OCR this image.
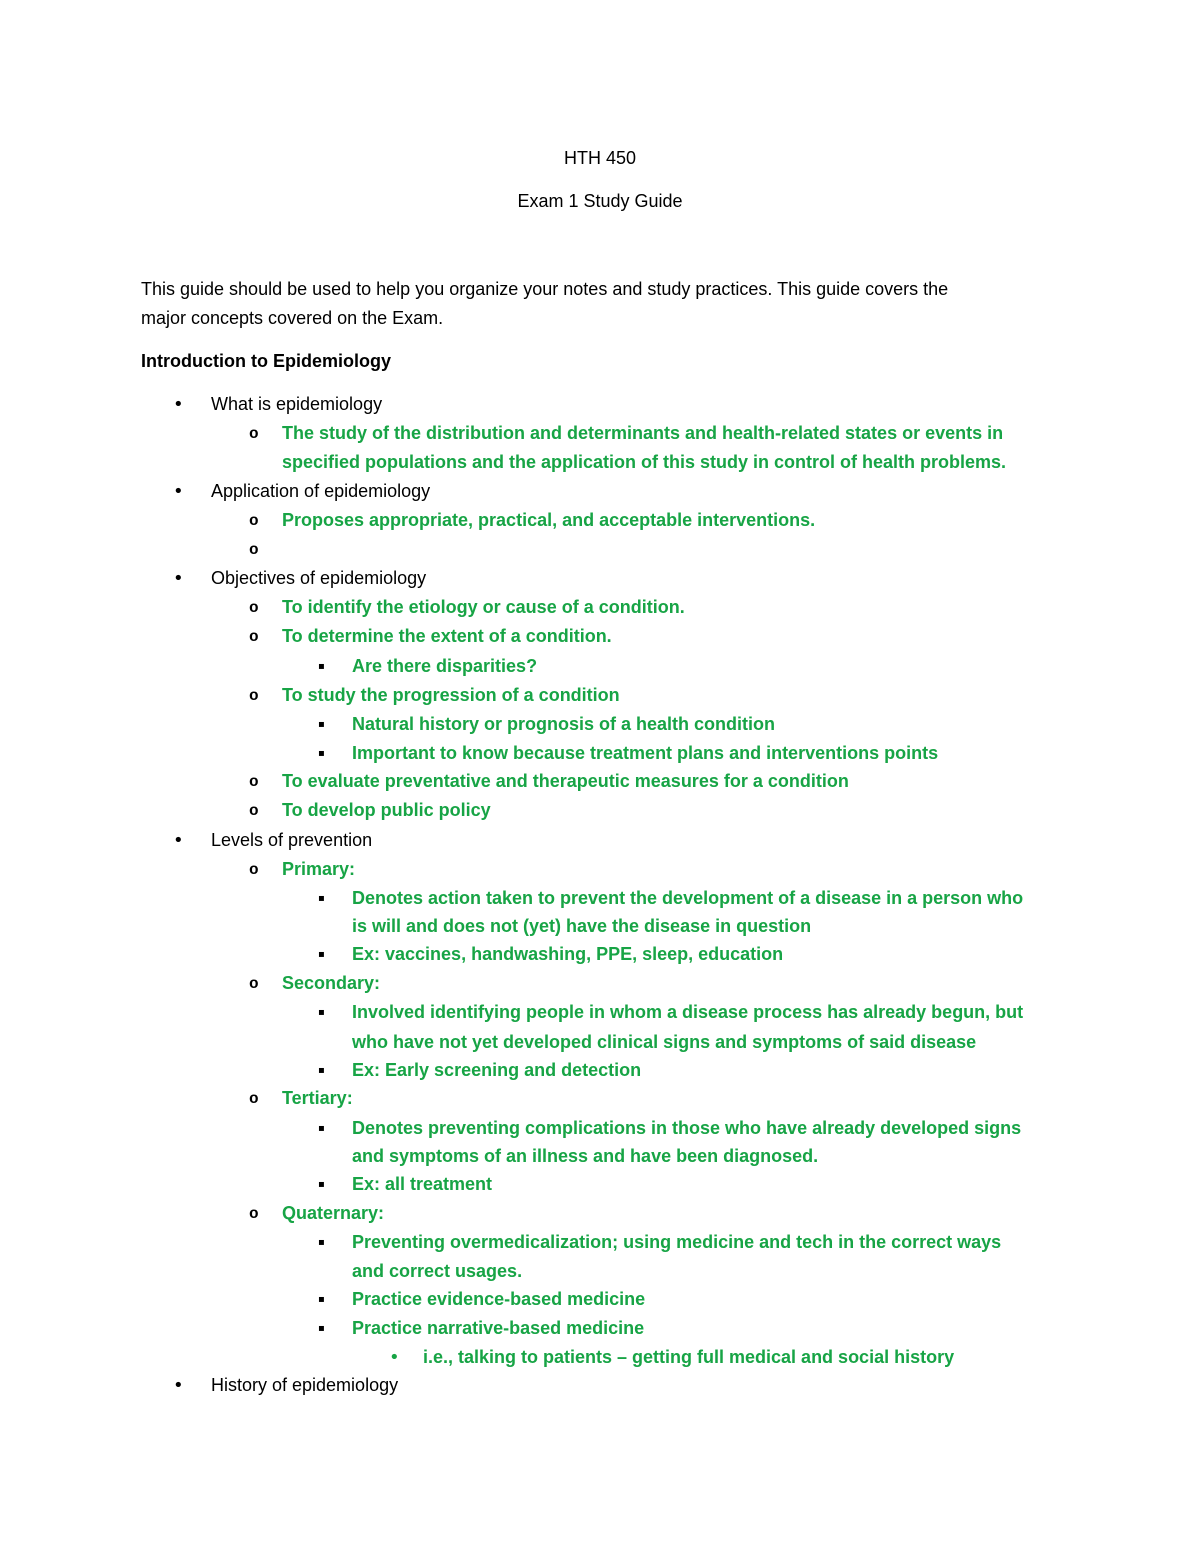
HTH 450
Exam 1 Study Guide
This guide should be used to help you organize your notes and study practices. This guide covers the
major concepts covered on the Exam.
Introduction to Epidemiology
• What is epidemiology
o The study of the distribution and determinants and health-related states or events in
specified populations and the application of this study in control of health problems.
• Application of epidemiology
o Proposes appropriate, practical, and acceptable interventions.
o
• Objectives of epidemiology
o To identify the etiology or cause of a condition.
o To determine the extent of a condition.
▪ Are there disparities?
o To study the progression of a condition
▪ Natural history or prognosis of a health condition
▪ Important to know because treatment plans and interventions points
o To evaluate preventative and therapeutic measures for a condition
o To develop public policy
• Levels of prevention
o Primary:
▪ Denotes action taken to prevent the development of a disease in a person who
is will and does not (yet) have the disease in question
▪ Ex: vaccines, handwashing, PPE, sleep, education
o Secondary:
▪ Involved identifying people in whom a disease process has already begun, but
who have not yet developed clinical signs and symptoms of said disease
▪ Ex: Early screening and detection
o Tertiary:
▪ Denotes preventing complications in those who have already developed signs
and symptoms of an illness and have been diagnosed.
▪ Ex: all treatment
o Quaternary:
▪ Preventing overmedicalization; using medicine and tech in the correct ways
and correct usages.
▪ Practice evidence-based medicine
▪ Practice narrative-based medicine
• i.e., talking to patients – getting full medical and social history
• History of epidemiology
